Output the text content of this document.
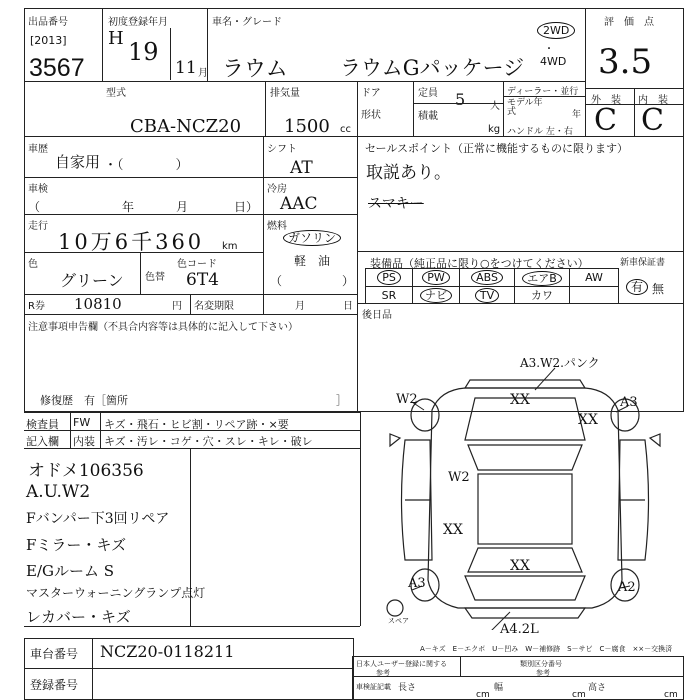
出品番号
[2013]
3567
初度登録年月
H 19
11 月
車名・グレード
ラウム ラウムGパッケージ
2WD
・
4WD
評　価　点
3.5
外　装 内　装
C C
型式
CBA-NCZ20
排気量
1500 cc
ドア
形状
定員 5 人
積載
kg
ディーラー・並行
モデル年式	年
ハンドル 左・右
車歴
自家用 ・（　　　　）
シフト
AT
車検
（	年	月	日）
冷房
AAC
走行
10万6千360 km
燃料
ガソリン
軽　油
（　　　　　）
色
グリーン 色替
色コード
6T4
R券 10810	円 名変期限	月	日
注意事項申告欄（不具合内容等は具体的に記入して下さい）
修復歴　有［箇所	］
セールスポイント（正常に機能するものに限ります）
取説あり。
スマキー
装備品（純正品に限り○をつけてください）	新車保証書
PS	PW	ABS	エアB	AW
SR	ナビ	TV	カワ	
有 無
後日品
検査員 FW キズ・飛石・ヒビ割・リペア跡・×要
記入欄 内装 キズ・汚レ・コゲ・穴・スレ・キレ・破レ
オドメ106356
A.U.W2
Fバンパー下3回リペア
Fミラー・キズ
E/Gルーム S
マスターウォーニングランプ点灯
レカバー・キズ
A3.W2.パンク
XX
W2	A3
XX
W2
XX
A3	A2
XX
A4.2L
スペア
A－キズ　E－エクボ　U－凹み　W－補修跡　S－サビ　C－腐食　××－交換済
車台番号 NCZ20-0118211
登録番号
日本人ユーザー登録に関する
参考
類別区分番号
参考
車検証記載 長さ
cm
幅
cm
高さ
cm
